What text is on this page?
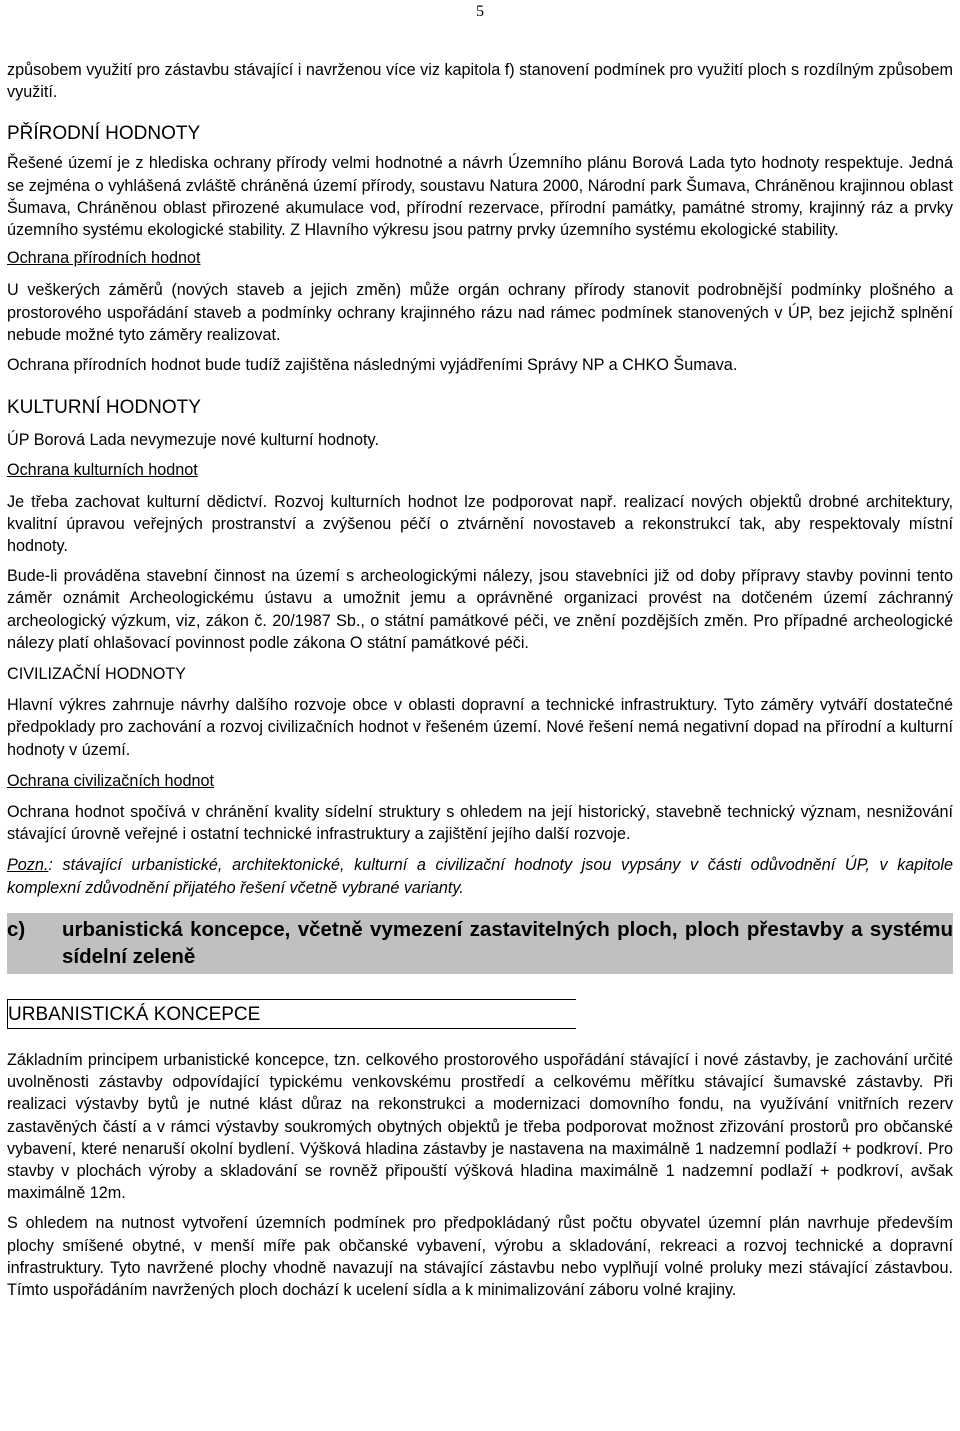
5

způsobem využití pro zástavbu stávající i navrženou více viz kapitola f) stanovení podmínek pro využití ploch s rozdílným způsobem využití.

PŘÍRODNÍ HODNOTY

Řešené území je z hlediska ochrany přírody velmi hodnotné a návrh Územního plánu Borová Lada tyto hodnoty respektuje. Jedná se zejména o vyhlášená zvláště chráněná území přírody, soustavu Natura 2000, Národní park Šumava, Chráněnou krajinnou oblast Šumava, Chráněnou oblast přirozené akumulace vod, přírodní rezervace, přírodní památky, památné stromy, krajinný ráz a prvky územního systému ekologické stability. Z Hlavního výkresu jsou patrny prvky územního systému ekologické stability.

Ochrana přírodních hodnot

U veškerých záměrů (nových staveb a jejich změn) může orgán ochrany přírody stanovit podrobnější podmínky plošného a prostorového uspořádání staveb a podmínky ochrany krajinného rázu nad rámec podmínek stanovených v ÚP, bez jejichž splnění nebude možné tyto záměry realizovat.

Ochrana přírodních hodnot bude tudíž zajištěna následnými vyjádřeními Správy NP a CHKO Šumava.

KULTURNÍ HODNOTY

ÚP Borová Lada nevymezuje nové kulturní hodnoty.

Ochrana kulturních hodnot

Je třeba zachovat kulturní dědictví. Rozvoj kulturních hodnot lze podporovat např. realizací nových objektů drobné architektury, kvalitní úpravou veřejných prostranství a zvýšenou péčí o ztvárnění novostaveb a rekonstrukcí tak, aby respektovaly místní hodnoty.

Bude-li prováděna stavební činnost na území s archeologickými nálezy, jsou stavebníci již od doby přípravy stavby povinni tento záměr oznámit Archeologickému ústavu a umožnit jemu a oprávněné organizaci provést na dotčeném území záchranný archeologický výzkum, viz, zákon č. 20/1987 Sb., o státní památkové péči, ve znění pozdějších změn. Pro případné archeologické nálezy platí ohlašovací povinnost podle zákona O státní památkové péči.

CIVILIZAČNÍ HODNOTY

Hlavní výkres zahrnuje návrhy dalšího rozvoje obce v oblasti dopravní a technické infrastruktury. Tyto záměry vytváří dostatečné předpoklady pro zachování a rozvoj civilizačních hodnot v řešeném území. Nové řešení nemá negativní dopad na přírodní a kulturní hodnoty v území.

Ochrana civilizačních hodnot

Ochrana hodnot spočívá v chránění kvality sídelní struktury s ohledem na její historický, stavebně technický význam, nesnižování stávající úrovně veřejné i ostatní technické infrastruktury a zajištění jejího další rozvoje.

Pozn.: stávající urbanistické, architektonické, kulturní a civilizační hodnoty jsou vypsány v části odůvodnění ÚP, v kapitole komplexní zdůvodnění přijatého řešení včetně vybrané varianty.

c)	urbanistická koncepce, včetně vymezení zastavitelných ploch, ploch přestavby a systému sídelní zeleně
URBANISTICKÁ KONCEPCE

Základním principem urbanistické koncepce, tzn. celkového prostorového uspořádání stávající i nové zástavby, je zachování určité uvolněnosti zástavby odpovídající typickému venkovskému prostředí a celkovému měřítku stávající šumavské zástavby. Při realizaci výstavby bytů je nutné klást důraz na rekonstrukci a modernizaci domovního fondu, na využívání vnitřních rezerv zastavěných částí a v rámci výstavby soukromých obytných objektů je třeba podporovat možnost zřizování prostorů pro občanské vybavení, které nenaruší okolní bydlení. Výšková hladina zástavby je nastavena na maximálně 1 nadzemní podlaží + podkroví. Pro stavby v plochách výroby a skladování se rovněž připouští výšková hladina maximálně 1 nadzemní podlaží + podkroví, avšak maximálně 12m.

S ohledem na nutnost vytvoření územních podmínek pro předpokládaný růst počtu obyvatel územní plán navrhuje především plochy smíšené obytné, v menší míře pak občanské vybavení, výrobu a skladování, rekreaci a rozvoj technické a dopravní infrastruktury. Tyto navržené plochy vhodně navazují na stávající zástavbu nebo vyplňují volné proluky mezi stávající zástavbou. Tímto uspořádáním navržených ploch dochází k ucelení sídla a k minimalizování záboru volné krajiny.
